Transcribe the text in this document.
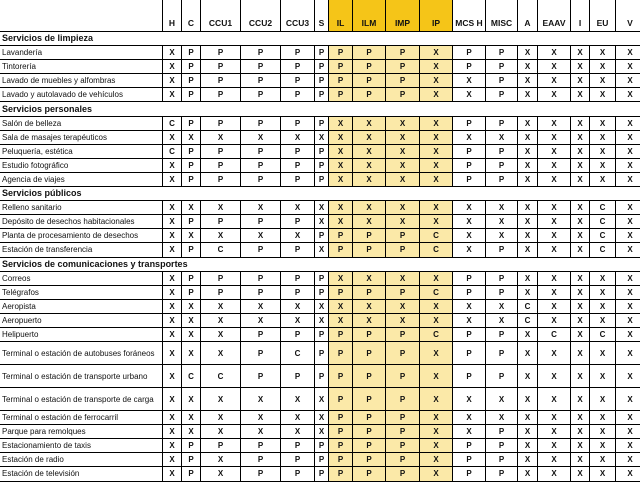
	H	C	CCU1	CCU2	CCU3	S	IL	ILM	IMP	IP	MCS H	MISC	A	EAAV	I	EU	V
Servicios de limpieza																	
Lavandería	X	P	P	P	P	P	P	P	P	X	P	P	X	X	X	X	X
Tintorería	X	P	P	P	P	P	P	P	P	X	P	P	X	X	X	X	X
Lavado de muebles y alfombras	X	P	P	P	P	P	P	P	P	X	X	P	X	X	X	X	X
Lavado y autolavado de vehículos	X	P	P	P	P	P	P	P	P	X	X	P	X	X	X	X	X
Servicios personales																	
Salón de belleza	C	P	P	P	P	P	X	X	X	X	P	P	X	X	X	X	X
Sala de masajes terapéuticos	X	X	X	X	X	X	X	X	X	X	X	X	X	X	X	X	X
Peluquería, estética	C	P	P	P	P	P	X	X	X	X	P	P	X	X	X	X	X
Estudio fotográfico	X	P	P	P	P	P	X	X	X	X	P	P	X	X	X	X	X
Agencia de viajes	X	P	P	P	P	P	X	X	X	X	P	P	X	X	X	X	X
Servicios públicos																	
Relleno sanitario	X	X	X	X	X	X	X	X	X	X	X	X	X	X	X	C	X
Depósito de desechos habitacionales	X	P	P	P	P	X	X	X	X	X	X	X	X	X	X	C	X
Planta de procesamiento de desechos	X	X	X	X	X	P	P	P	P	C	X	X	X	X	X	C	X
Estación de transferencia	X	P	C	P	P	X	P	P	P	C	X	P	X	X	X	C	X
Servicios de comunicaciones y transportes																	
Correos	X	P	P	P	P	P	X	X	X	X	P	P	X	X	X	X	X
Telégrafos	X	P	P	P	P	P	P	P	P	C	P	P	X	X	X	X	X
Aeropista	X	X	X	X	X	X	X	X	X	X	X	X	C	X	X	X	X
Aeropuerto	X	X	X	X	X	X	X	X	X	X	X	X	C	X	X	X	X
Helipuerto	X	X	X	P	P	P	P	P	P	C	P	P	X	C	X	C	X
Terminal o estación de autobuses foráneos	X	X	X	P	C	P	P	P	P	X	P	P	X	X	X	X	X
Terminal o estación de transporte urbano	X	C	C	P	P	P	P	P	P	X	P	P	X	X	X	X	X
Terminal o estación de transporte de carga	X	X	X	X	X	X	P	P	P	X	X	X	X	X	X	X	X
Terminal o estación de ferrocarril	X	X	X	X	X	X	P	P	P	X	X	X	X	X	X	X	X
Parque para remolques	X	X	X	X	X	X	P	P	P	X	X	P	X	X	X	X	X
Estacionamiento de taxis	X	P	P	P	P	P	P	P	P	X	P	P	X	X	X	X	X
Estación de radio	X	P	X	P	P	P	P	P	P	X	P	P	X	X	X	X	X
Estación de televisión	X	P	X	P	P	P	P	P	P	X	P	P	X	X	X	X	X
